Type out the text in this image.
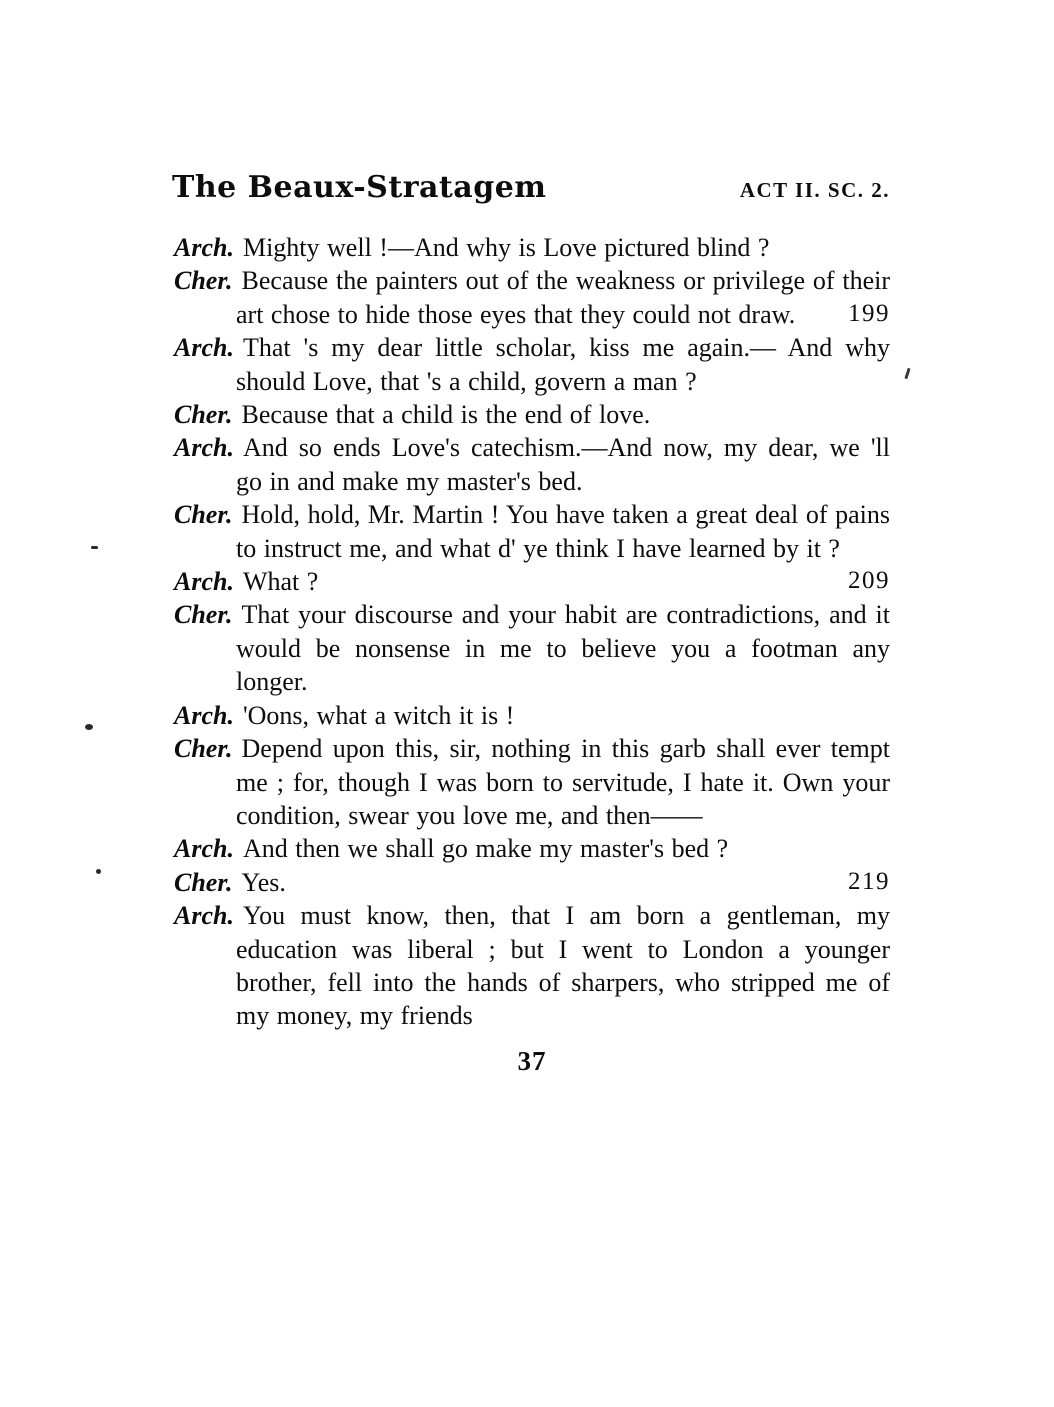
The Beaux-Stratagem	ACT II. SC. 2.

Arch. Mighty well !—And why is Love pictured blind ?

Cher. Because the painters out of the weakness or privilege of their art chose to hide those eyes that they could not draw. 199

Arch. That 's my dear little scholar, kiss me again.— And why should Love, that 's a child, govern a man ?

Cher. Because that a child is the end of love.

Arch. And so ends Love's catechism.—And now, my dear, we 'll go in and make my master's bed.

Cher. Hold, hold, Mr. Martin ! You have taken a great deal of pains to instruct me, and what d' ye think I have learned by it ?

Arch. What ?	209

Cher. That your discourse and your habit are contradictions, and it would be nonsense in me to believe you a footman any longer.

Arch. 'Oons, what a witch it is !

Cher. Depend upon this, sir, nothing in this garb shall ever tempt me ; for, though I was born to servitude, I hate it. Own your condition, swear you love me, and then——

Arch. And then we shall go make my master's bed ?

Cher. Yes.	219

Arch. You must know, then, that I am born a gentleman, my education was liberal ; but I went to London a younger brother, fell into the hands of sharpers, who stripped me of my money, my friends

37
